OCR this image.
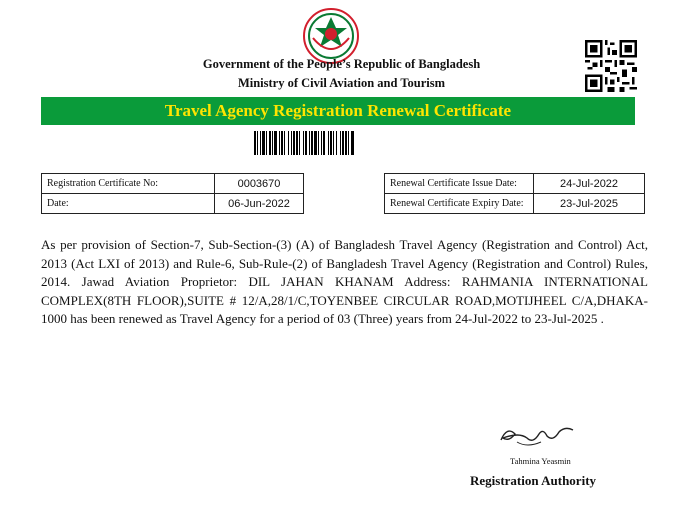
Government of the People’s Republic of Bangladesh
Ministry of Civil Aviation and Tourism
Travel Agency Registration Renewal Certificate
Registration Certificate No:	0003670
Date:	06-Jun-2022
Renewal Certificate Issue Date:	24-Jul-2022
Renewal Certificate Expiry Date:	23-Jul-2025

As per provision of Section-7, Sub-Section-(3) (A) of Bangladesh Travel Agency (Registration and Control) Act, 2013 (Act LXI of 2013) and Rule-6, Sub-Rule-(2) of Bangladesh Travel Agency (Registration and Control) Rules, 2014. Jawad Aviation Proprietor: DIL JAHAN KHANAM Address: RAHMANIA INTERNATIONAL COMPLEX(8TH FLOOR),SUITE # 12/A,28/1/C,TOYENBEE CIRCULAR ROAD,MOTIJHEEL C/A,DHAKA-1000 has been renewed as Travel Agency for a period of 03 (Three) years from 24-Jul-2022 to 23-Jul-2025 .

Tahmina Yeasmin
Registration Authority
